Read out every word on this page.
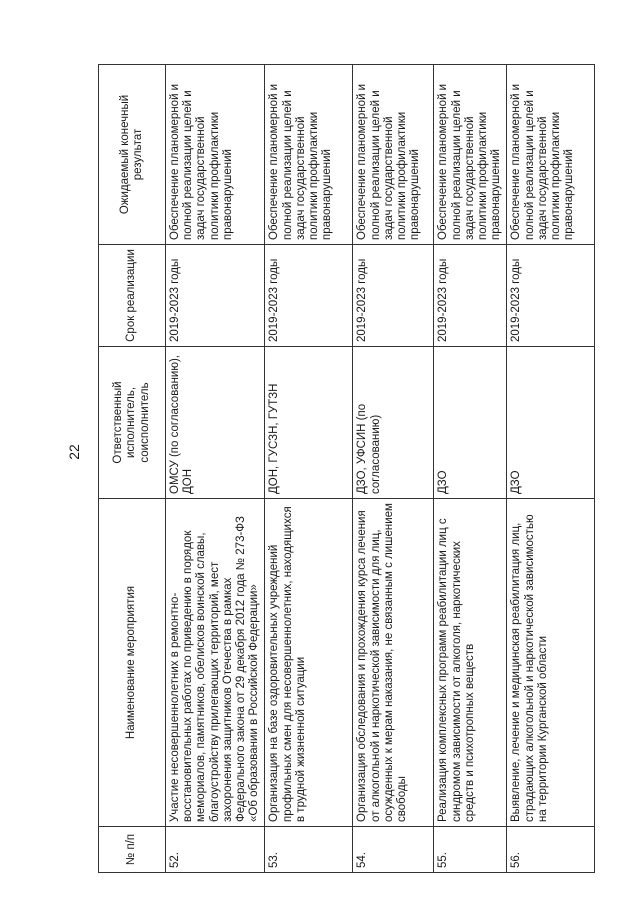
22
№ п/п	Наименование мероприятия	Ответственный исполнитель, соисполнитель	Срок реализации	Ожидаемый конечный результат
52.	Участие несовершеннолетних в ремонтно-восстановительных работах по приведению в порядок мемориалов, памятников, обелисков воинской славы, благоустройству прилегающих территорий, мест захоронения защитников Отечества в рамках Федерального закона от 29 декабря 2012 года № 273-ФЗ «Об образовании в Российской Федерации»	ОМСУ (по согласованию), ДОН	2019-2023 годы	Обеспечение планомерной и полной реализации целей и задач государственной политики профилактики правонарушений
53.	Организация на базе оздоровительных учреждений профильных смен для несовершеннолетних, находящихся в трудной жизненной ситуации	ДОН, ГУСЗН, ГУТЗН	2019-2023 годы	Обеспечение планомерной и полной реализации целей и задач государственной политики профилактики правонарушений
54.	Организация обследования и прохождения курса лечения от алкогольной и наркотической зависимости для лиц, осужденных к мерам наказания, не связанным с лишением свободы	ДЗО, УФСИН (по согласованию)	2019-2023 годы	Обеспечение планомерной и полной реализации целей и задач государственной политики профилактики правонарушений
55.	Реализация комплексных программ реабилитации лиц с синдромом зависимости от алкоголя, наркотических средств и психотропных веществ	ДЗО	2019-2023 годы	Обеспечение планомерной и полной реализации целей и задач государственной политики профилактики правонарушений
56.	Выявление, лечение и медицинская реабилитация лиц, страдающих алкогольной и наркотической зависимостью на территории Курганской области	ДЗО	2019-2023 годы	Обеспечение планомерной и полной реализации целей и задач государственной политики профилактики правонарушений
